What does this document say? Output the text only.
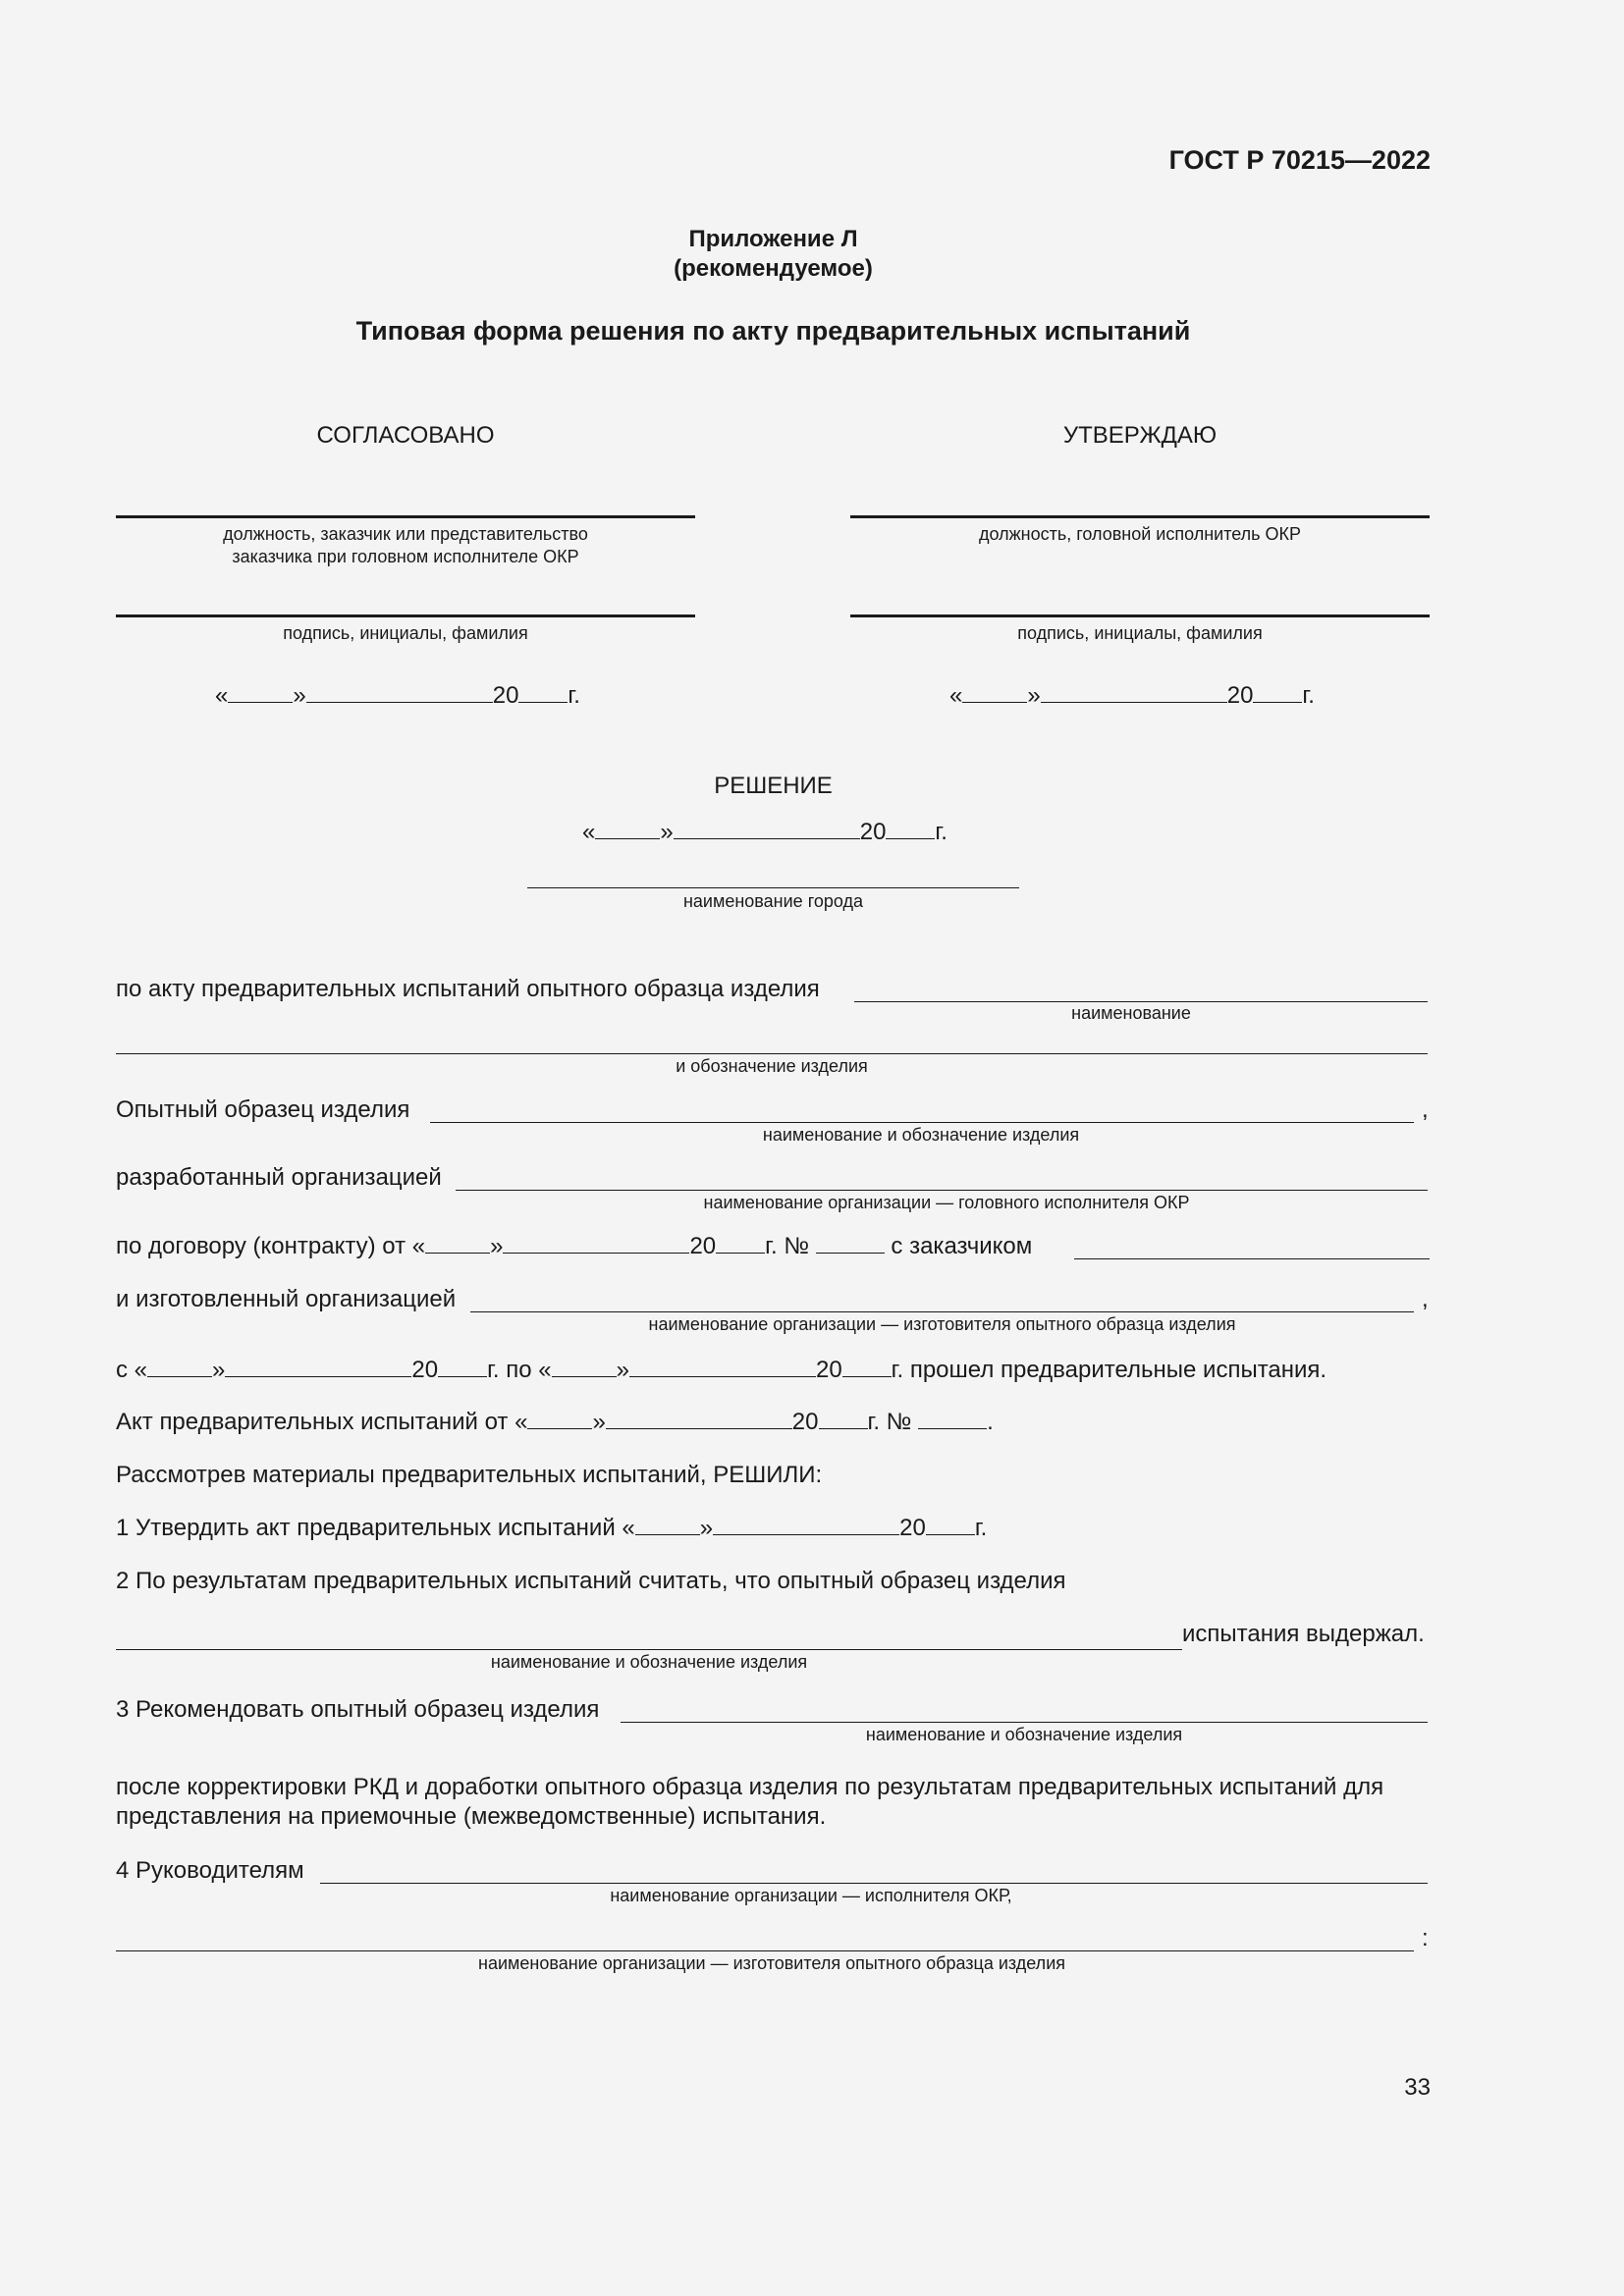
ГОСТ Р 70215—2022
Приложение Л
(рекомендуемое)
Типовая форма решения по акту предварительных испытаний
СОГЛАСОВАНО	УТВЕРЖДАЮ
должность, заказчик или представительство
заказчика при головном исполнителе ОКР
должность, головной исполнитель ОКР
подпись, инициалы, фамилия	подпись, инициалы, фамилия
«	»	20 г.	«	»	20 г.
РЕШЕНИЕ
«	»	20 г.
наименование города
по акту предварительных испытаний опытного образца изделия
наименование
и обозначение изделия
Опытный образец изделия	,
наименование и обозначение изделия
разработанный организацией
наименование организации — головного исполнителя ОКР
по договору (контракту) от «	»	20 г. №	с заказчиком
и изготовленный организацией	,
наименование организации — изготовителя опытного образца изделия
с «	»	20 г. по «	»	20 г. прошел предварительные испытания.
Акт предварительных испытаний от «	»	20 г. №	.
Рассмотрев материалы предварительных испытаний, РЕШИЛИ:
1 Утвердить акт предварительных испытаний «	»	20 г.
2 По результатам предварительных испытаний считать, что опытный образец изделия
испытания выдержал.
наименование и обозначение изделия
3 Рекомендовать опытный образец изделия
наименование и обозначение изделия
после корректировки РКД и доработки опытного образца изделия по результатам предварительных испытаний для представления на приемочные (межведомственные) испытания.
4 Руководителям
наименование организации — исполнителя ОКР,
:
наименование организации — изготовителя опытного образца изделия
33
